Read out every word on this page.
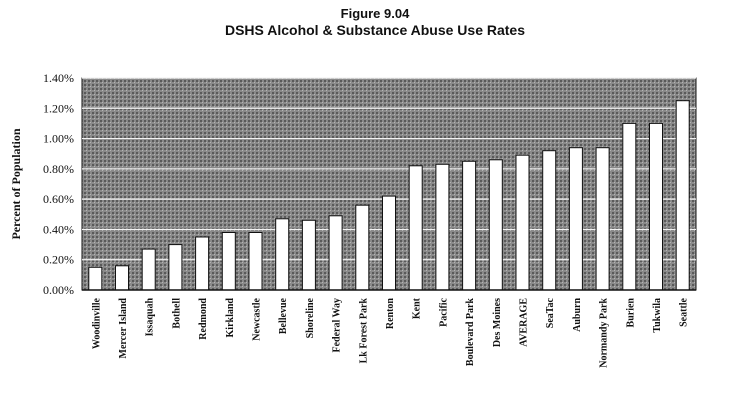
Figure 9.04
DSHS Alcohol & Substance Abuse Use Rates
0.00%
0.20%
0.40%
0.60%
0.80%
1.00%
1.20%
1.40%
Woodinville Mercer Island Issaquah Bothell Redmond Kirkland Newcastle Bellevue Shoreline Federal Way Lk Forest Park Renton Kent Pacific Boulevard Park Des Moines AVERAGE SeaTac Auburn Normandy Park Burien Tukwila Seattle
Percent of Population
